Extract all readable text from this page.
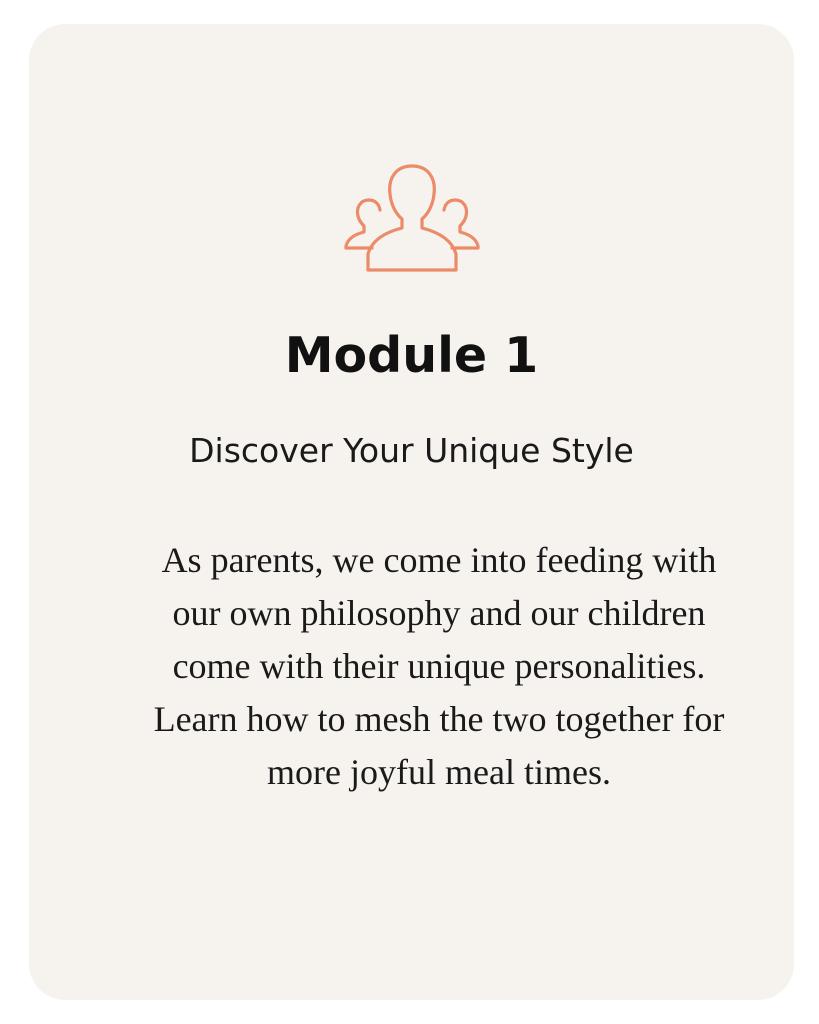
Module 1
Discover Your Unique Style
As parents, we come into feeding with our own philosophy and our children come with their unique personalities. Learn how to mesh the two together for more joyful meal times.
